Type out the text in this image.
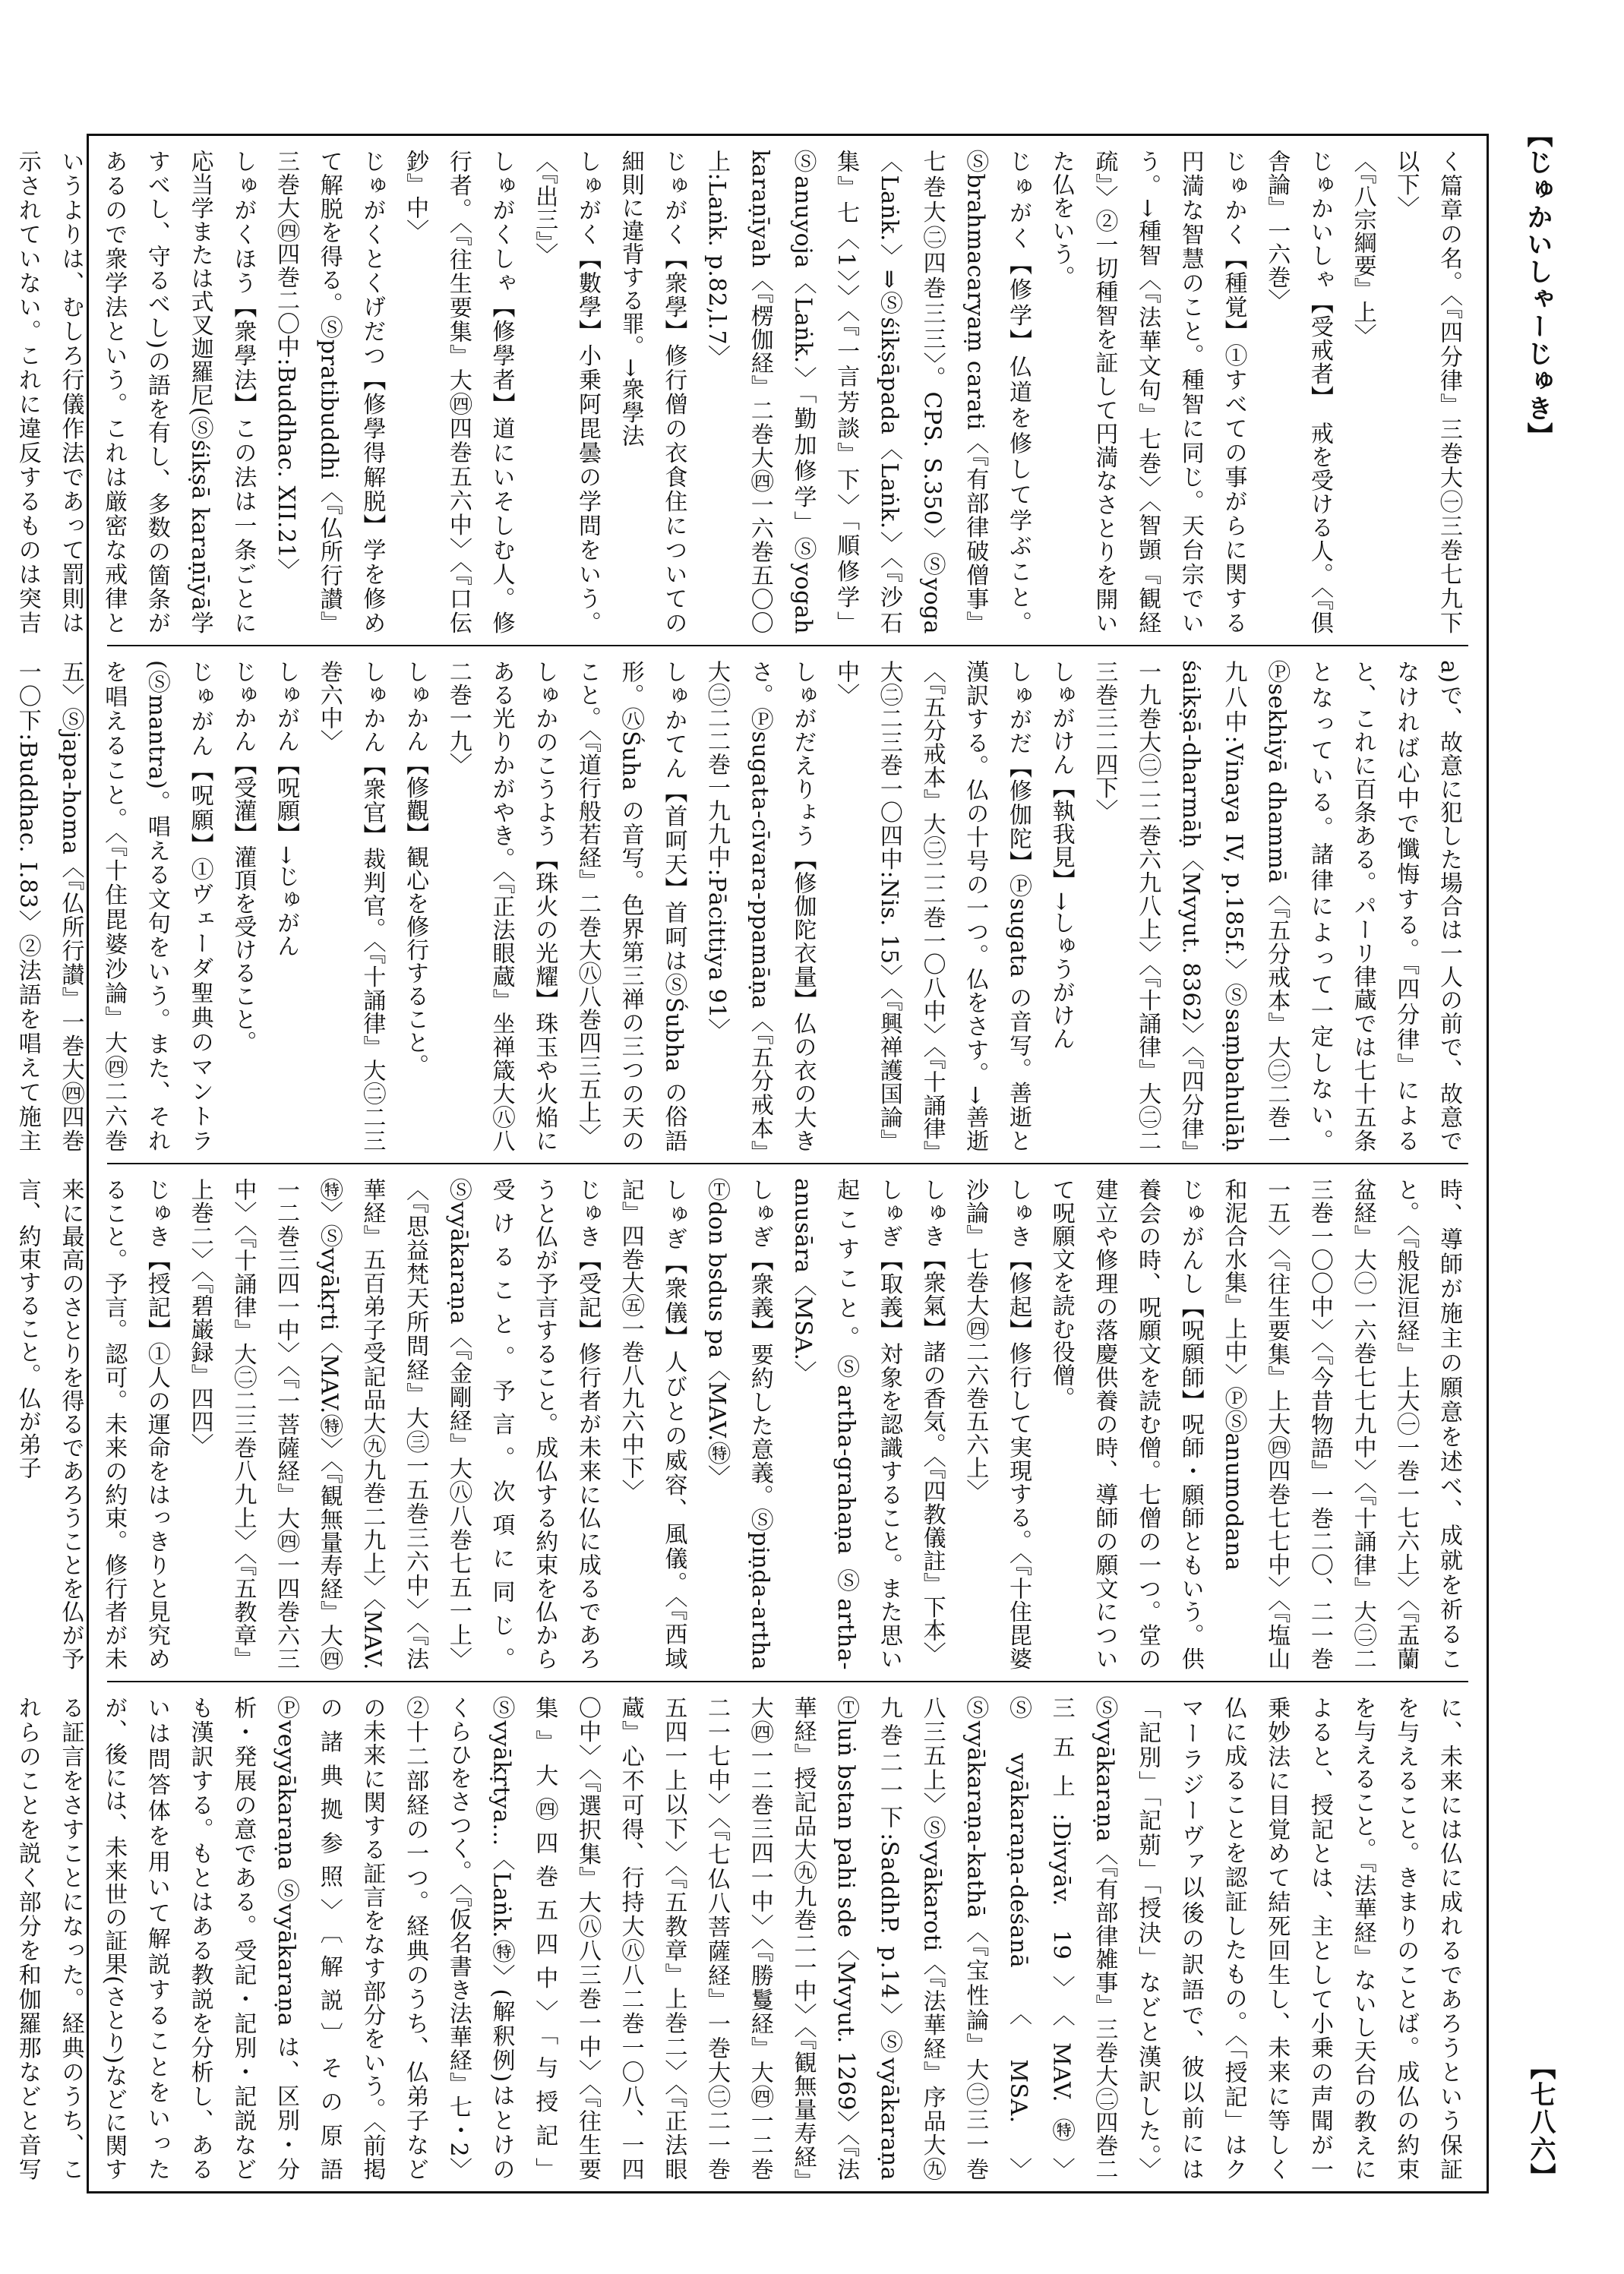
【じゅかいしゃーじゅき】

く篇章の名。〈『四分律』三巻大㊀三巻七九下以下〉

〈『八宗綱要』上〉

じゅかいしゃ【受戒者】　戒を受ける人。〈『倶舎論』一六巻〉

じゅかく【種覚】①すべての事がらに関する円満な智慧のこと。種智に同じ。天台宗でいう。→種智〈『法華文句』七巻〉〈智顗『観経疏』〉②一切種智を証して円満なさとりを開いた仏をいう。

じゅがく【修学】仏道を修して学ぶこと。Ⓢbrahmacaryaṃ carati〈『有部律破僧事』七巻大㊁四巻三三〉。CPS. S.350〉Ⓢyoga〈Laṅk.〉⇒Ⓢśikṣāpada〈Laṅk.〉〈『沙石集』七〈1〉〉〈『一言芳談』下〉「順修学」Ⓢanuyoja〈Laṅk.〉「勤加修学」Ⓢyogah karaṇīyah〈『楞伽経』二巻大㊃一六巻五〇〇上:Laṅk. p.82,l.7〉

じゅがく【衆學】修行僧の衣食住についての細則に違背する罪。→衆學法

しゅがく【數學】小乗阿毘曇の学問をいう。〈『出三』〉

しゅがくしゃ【修學者】道にいそしむ人。修行者。〈『往生要集』大㊃四巻五六中〉〈『口伝鈔』中〉

じゅがくとくげだつ【修學得解脱】学を修めて解脱を得る。Ⓢpratibuddhi〈『仏所行讃』三巻大㊃四巻二〇中:Buddhac. XII.21〉

しゅがくほう【衆學法】この法は一条ごとに応当学または式叉迦羅尼(Ⓢśikṣā karaṇīyā学すべし、守るべし)の語を有し、多数の箇条があるので衆学法という。これは厳密な戒律というよりは、むしろ行儀作法であって罰則は示されていない。これに違反するものは突吉

a)で、故意に犯した場合は一人の前で、故意でなければ心中で懺悔する。『四分律』によると、これに百条ある。パーリ律蔵では七十五条となっている。諸律によって一定しない。Ⓟsekhiyā dhammā〈『五分戒本』大㊁二巻一九八中:Vinaya IV, p.185f.〉Ⓢsaṃbahulāḥ śaikṣā-dharmāḥ〈Mvyut. 8362〉〈『四分律』一九巻大㊁二二巻六九八上〉〈『十誦律』大㊁二三巻三二四下〉

しゅがけん【執我見】→しゅうがけん

しゅがだ【修伽陀】Ⓟsugata の音写。善逝と漢訳する。仏の十号の一つ。仏をさす。→善逝〈『五分戒本』大㊁二二巻一〇八中〉〈『十誦律』大㊁二三巻一〇四中:Nis. 15〉〈『興禅護国論』中〉

しゅがだえりょう【修伽陀衣量】仏の衣の大きさ。Ⓟsugata-cīvara-ppamāṇa〈『五分戒本』大㊁二二巻一九九中:Pācittiya 91〉

しゅかてん【首呵天】首呵はⓈŚubha の俗語形。㊇Śuha の音写。色界第三禅の三つの天のこと。〈『道行般若経』二巻大㊇八巻四三五上〉

しゅかのこうよう【珠火の光耀】珠玉や火焔にある光りかがやき。〈『正法眼蔵』坐禅箴大㊇八二巻一九〉

しゅかん【修觀】観心を修行すること。

しゅかん【衆官】裁判官。〈『十誦律』大㊁二三巻六中〉

しゅがん【呪願】→じゅがん

じゅかん【受灌】灌頂を受けること。

じゅがん【呪願】①ヴェーダ聖典のマントラ(Ⓢmantra)。唱える文句をいう。また、それを唱えること。〈『十住毘婆沙論』大㊃二六巻五〉Ⓢjapa-homa〈『仏所行讃』一巻大㊃四巻一〇下:Buddhac. I.83〉②法語を唱えて施主

時、導師が施主の願意を述べ、成就を祈ること。〈『般泥洹経』上大㊀一巻一七六上〉〈『盂蘭盆経』大㊀一六巻七七九中〉〈『十誦律』大㊁二三巻一〇〇中〉〈『今昔物語』一巻二〇、二一巻一五〉〈『往生要集』上大㊃四巻七七中〉〈『塩山和泥合水集』上中〉ⓅⓈanumodana

じゅがんし【呪願師】呪師・願師ともいう。供養会の時、呪願文を読む僧。七僧の一つ。堂の建立や修理の落慶供養の時、導師の願文について呪願文を読む役僧。

しゅき【修起】修行して実現する。〈『十住毘婆沙論』七巻大㊃二六巻五六上〉

しゅき【衆氣】諸の香気。〈『四教儀註』下本〉

しゅぎ【取義】対象を認識すること。また思い起こすこと。Ⓢartha-grahaṇa Ⓢartha-anusāra〈MSA.〉

しゅぎ【衆義】要約した意義。Ⓢpiṇḍa-artha Ⓣdon bsdus pa〈MAV.㊕〉

しゅぎ【衆儀】人びとの威容、風儀。〈『西域記』四巻大㊄一巻八九六中下〉

じゅき【受記】修行者が未来に仏に成るであろうと仏が予言すること。成仏する約束を仏から受けること。予言。次項に同じ。Ⓢvyākaraṇa〈『金剛経』大㊇八巻七五一上〉〈『思益梵天所問経』大㊂一五巻三六中〉〈『法華経』五百弟子受記品大㊈九巻二九上〉〈MAV.㊕〉Ⓢvyākṛti〈MAV.㊕〉〈『観無量寿経』大㊃一二巻三四一中〉〈『一菩薩経』大㊃一四巻六三中〉〈『十誦律』大㊁二三巻八九上〉〈『五教章』上巻二〉〈『碧巌録』四四〉

じゅき【授記】①人の運命をはっきりと見究めること。予言。認可。未来の約束。修行者が未来に最高のさとりを得るであろうことを仏が予言、約束すること。仏が弟子

に、未来には仏に成れるであろうという保証を与えること。きまりのことば。成仏の約束を与えること。『法華経』ないし天台の教えによると、授記とは、主として小乗の声聞が一乗妙法に目覚めて結死回生し、未来に等しく仏に成ることを認証したもの。〈「授記」はクマーラジーヴァ以後の訳語で、彼以前には「記別」「記莂」「授決」などと漢訳した。〉Ⓢvyākaraṇa〈『有部律雑事』三巻大㊁四巻二三五上:Divyāv. 19〉〈MAV.㊕〉Ⓢvyākaraṇa-deśanā〈MSA.〉Ⓢvyākaraṇa-kathā〈『宝性論』大㊁三一巻八三五上〉Ⓢvyākaroti〈『法華経』序品大㊈九巻二一下:SaddhP. p.14〉Ⓢvyākaraṇa Ⓣluṅ bstan pahi sde〈Mvyut. 1269〉〈『法華経』授記品大㊈九巻二一中〉〈『観無量寿経』大㊃一二巻三四一中〉〈『勝鬘経』大㊃一二巻二一七中〉〈『七仏八菩薩経』一巻大㊁二一巻五四一上以下〉〈『五教章』上巻二〉〈『正法眼蔵』心不可得、行持大㊇八二巻一〇八、一四〇中〉〈『選択集』大㊇八三巻一中〉〈『往生要集』大㊃四巻五四中〉「与授記」Ⓢvyākṛtya...〈Laṅk.㊕〉(解釈例)はとけのくらひをさつく。〈『仮名書き法華経』七・2〉②十二部経の一つ。経典のうち、仏弟子などの未来に関する証言をなす部分をいう。〈前掲の諸典拠参照〉〔解説〕その原語Ⓟveyyākaraṇa Ⓢvyākaraṇa は、区別・分析・発展の意である。受記・記別・記説なども漢訳する。もとはある教説を分析し、あるいは問答体を用いて解説することをいったが、後には、未来世の証果(さとり)などに関する証言をさすことになった。経典のうち、これらのことを説く部分を和伽羅那などと音写	【七八六】
